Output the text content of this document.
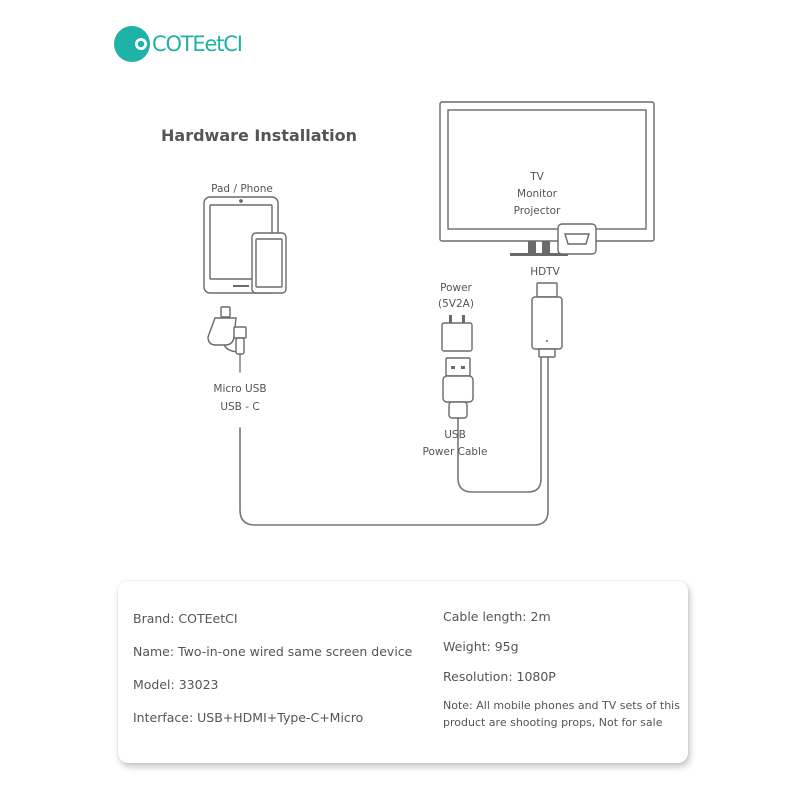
COTEetCI
Hardware Installation
Pad / Phone
Micro USB
USB - C
Power
(5V2A)
USB
Power Cable
TV
Monitor
Projector
HDTV
Brand: COTEetCI
Name: Two-in-one wired same screen device
Model: 33023
Interface: USB+HDMI+Type-C+Micro
Cable length: 2m
Weight: 95g
Resolution: 1080P
Note: All mobile phones and TV sets of this product are shooting props, Not for sale
